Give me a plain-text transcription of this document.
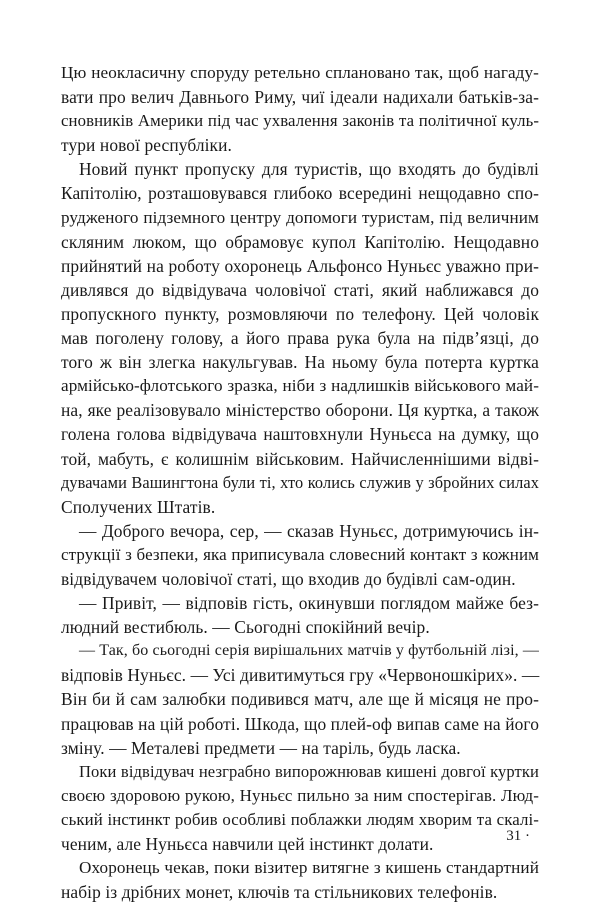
Цю неокласичну споруду ретельно сплановано так, щоб нагаду-
вати про велич Давнього Риму, чиї ідеали надихали батьків-за-
сновників Америки під час ухвалення законів та політичної куль-
тури нової республіки.
Новий пункт пропуску для туристів, що входять до будівлі
Капітолію, розташовувався глибоко всередині нещодавно спо-
рудженого підземного центру допомоги туристам, під величним
скляним люком, що обрамовує купол Капітолію. Нещодавно
прийнятий на роботу охоронець Альфонсо Нуньєс уважно при-
дивлявся до відвідувача чоловічої статі, який наближався до
пропускного пункту, розмовляючи по телефону. Цей чоловік
мав поголену голову, а його права рука була на підв’язці, до
того ж він злегка накульгував. На ньому була потерта куртка
армійсько-флотського зразка, ніби з надлишків військового май-
на, яке реалізовувало міністерство оборони. Ця куртка, а також
голена голова відвідувача наштовхнули Нуньєса на думку, що
той, мабуть, є колишнім військовим. Найчисленнішими відві-
дувачами Вашингтона були ті, хто колись служив у збройних силах
Сполучених Штатів.
— Доброго вечора, сер, — сказав Нуньєс, дотримуючись ін-
струкції з безпеки, яка приписувала словесний контакт з кожним
відвідувачем чоловічої статі, що входив до будівлі сам-один.
— Привіт, — відповів гість, окинувши поглядом майже без-
людний вестибюль. — Сьогодні спокійний вечір.
— Так, бо сьогодні серія вирішальних матчів у футбольній лізі, —
відповів Нуньєс. — Усі дивитимуться гру «Червоношкірих». —
Він би й сам залюбки подивився матч, але ще й місяця не про-
працював на цій роботі. Шкода, що плей-оф випав саме на його
зміну. — Металеві предмети — на таріль, будь ласка.
Поки відвідувач незграбно випорожнював кишені довгої куртки
своєю здоровою рукою, Нуньєс пильно за ним спостерігав. Люд-
ський інстинкт робив особливі поблажки людям хворим та скалі-
ченим, але Нуньєса навчили цей інстинкт долати.
Охоронець чекав, поки візитер витягне з кишень стандартний
набір із дрібних монет, ключів та стільникових телефонів.
31 ·
